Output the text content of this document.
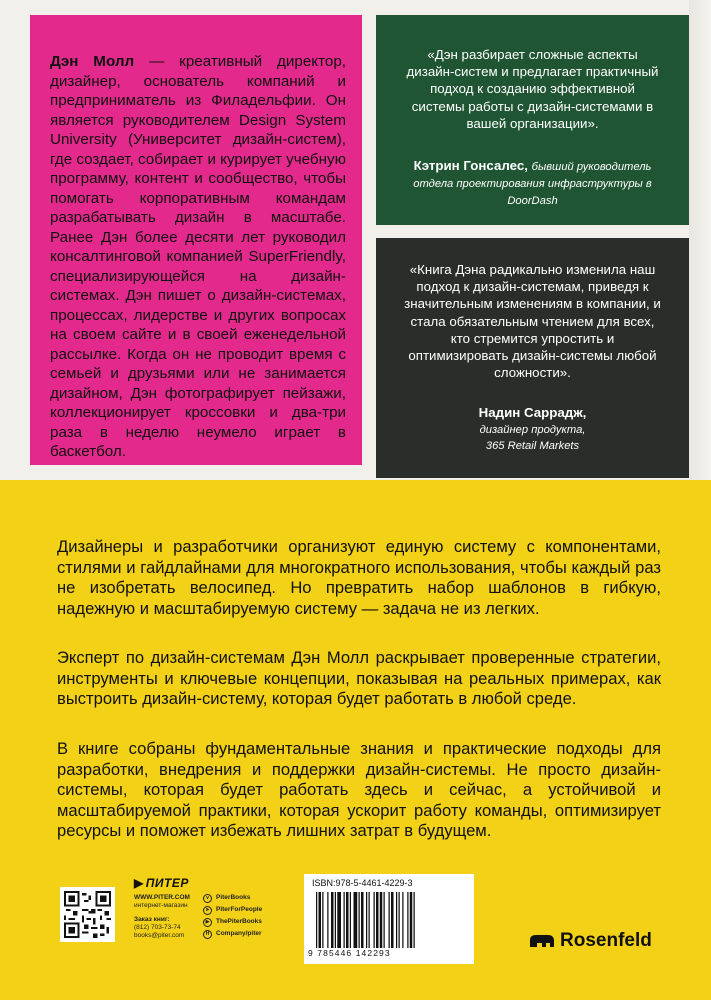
Дэн Молл — креативный директор, дизайнер, основатель компаний и предприниматель из Филадельфии. Он является руководителем Design System University (Университет дизайн-систем), где создает, собирает и курирует учебную программу, контент и сообщество, чтобы помогать корпоративным командам разрабатывать дизайн в масштабе. Ранее Дэн более десяти лет руководил консалтинговой компанией SuperFriendly, специализирующейся на дизайн-системах. Дэн пишет о дизайн-системах, процессах, лидерстве и других вопросах на своем сайте и в своей еженедельной рассылке. Когда он не проводит время с семьей и друзьями или не занимается дизайном, Дэн фотографирует пейзажи, коллекционирует кроссовки и два-три раза в неделю неумело играет в баскетбол.

«Дэн разбирает сложные аспекты дизайн-систем и предлагает практичный подход к созданию эффективной системы работы с дизайн-системами в вашей организации».

Кэтрин Гонсалес, бывший руководитель отдела проектирования инфраструктуры в DoorDash

«Книга Дэна радикально изменила наш подход к дизайн-системам, приведя к значительным изменениям в компании, и стала обязательным чтением для всех, кто стремится упростить и оптимизировать дизайн-системы любой сложности».

Надин Саррадж,

дизайнер продукта, 365 Retail Markets

Дизайнеры и разработчики организуют единую систему с компонентами, стилями и гайдлайнами для многократного использования, чтобы каждый раз не изобретать велосипед. Но превратить набор шаблонов в гибкую, надежную и масштабируемую систему — задача не из легких.

Эксперт по дизайн-системам Дэн Молл раскрывает проверенные стратегии, инструменты и ключевые концепции, показывая на реальных примерах, как выстроить дизайн-систему, которая будет работать в любой среде.

В книге собраны фундаментальные знания и практические подходы для разработки, внедрения и поддержки дизайн-системы. Не просто дизайн-системы, которая будет работать здесь и сейчас, а устойчивой и масштабируемой практики, которая ускорит работу команды, оптимизирует ресурсы и поможет избежать лишних затрат в будущем.

▶ ПИТЕР
WWW.PITER.COM
интернет-магазин
Заказ книг:
(812) 703-73-74
books@piter.com
v	PiterBooks
➤ PiterForPeople
▶	ThePiterBooks
H	Company/piter
ISBN:978-5-4461-4229-3
9 785446 142293
Rosenfeld
